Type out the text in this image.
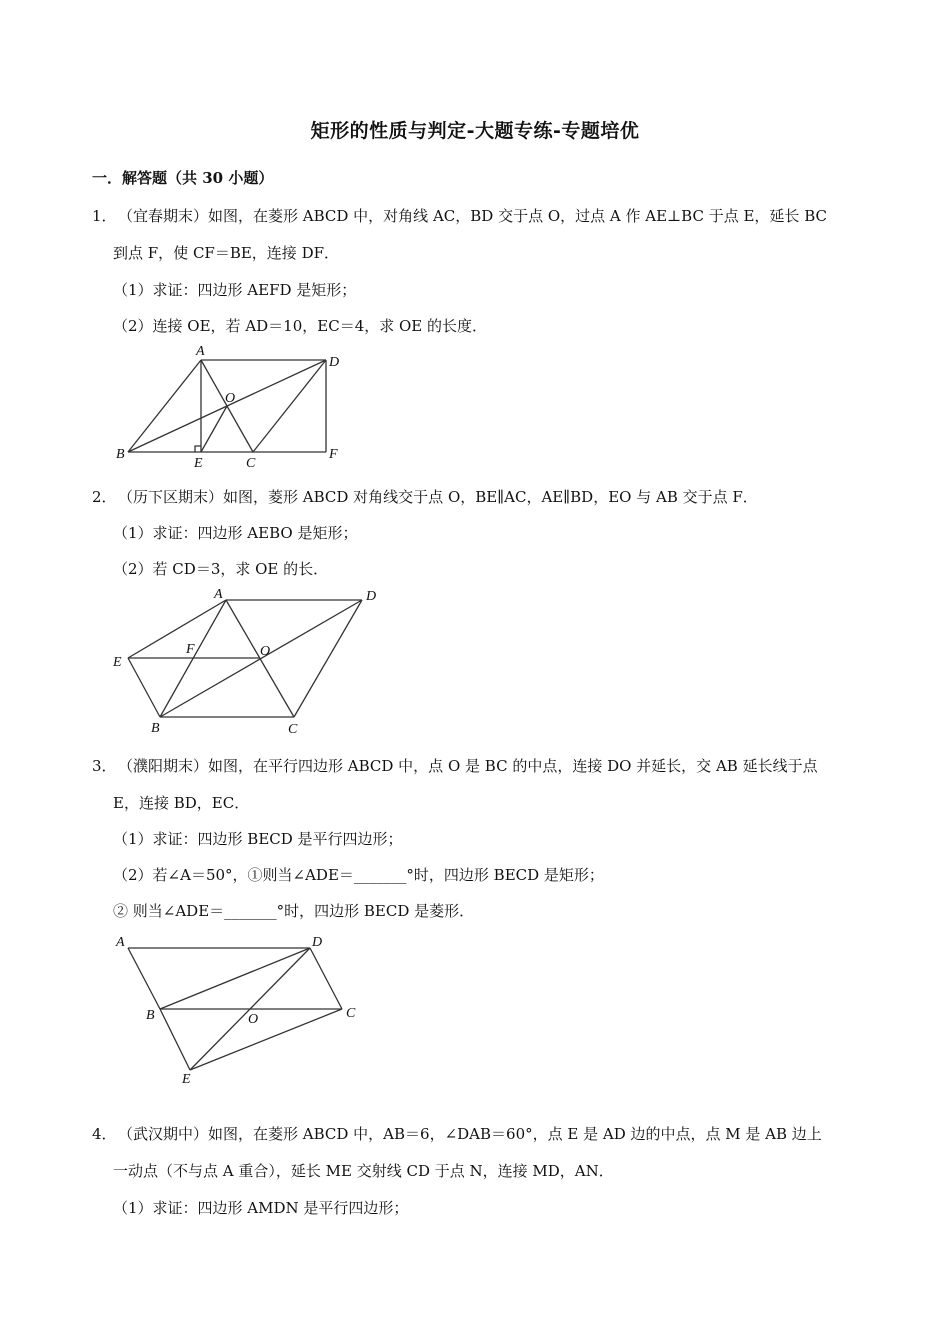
矩形的性质与判定-大题专练-专题培优
一．解答题（共 30 小题）
1． （宜春期末）如图，在菱形 ABCD 中，对角线 AC，BD 交于点 O，过点 A 作 AE⊥BC 于点 E，延长 BC
到点 F，使 CF＝BE，连接 DF．
（1）求证：四边形 AEFD 是矩形；
（2）连接 OE，若 AD＝10，EC＝4，求 OE 的长度．
A
D
O
B
E	C
F
2． （历下区期末）如图，菱形 ABCD 对角线交于点 O，BE∥AC，AE∥BD，EO 与 AB 交于点 F．
（1）求证：四边形 AEBO 是矩形；
（2）若 CD＝3，求 OE 的长．
A	D
F	O
E
B	C
3． （濮阳期末）如图，在平行四边形 ABCD 中，点 O 是 BC 的中点，连接 DO 并延长，交 AB 延长线于点
E，连接 BD，EC．
（1）求证：四边形 BECD 是平行四边形；
（2）若∠A＝50°，①则当∠ADE＝_______°时，四边形 BECD 是矩形；
② 则当∠ADE＝_______°时，四边形 BECD 是菱形．
A	D
B	O	C
E
4． （武汉期中）如图，在菱形 ABCD 中，AB＝6，∠DAB＝60°，点 E 是 AD 边的中点，点 M 是 AB 边上
一动点（不与点 A 重合），延长 ME 交射线 CD 于点 N，连接 MD，AN．
（1）求证：四边形 AMDN 是平行四边形；
